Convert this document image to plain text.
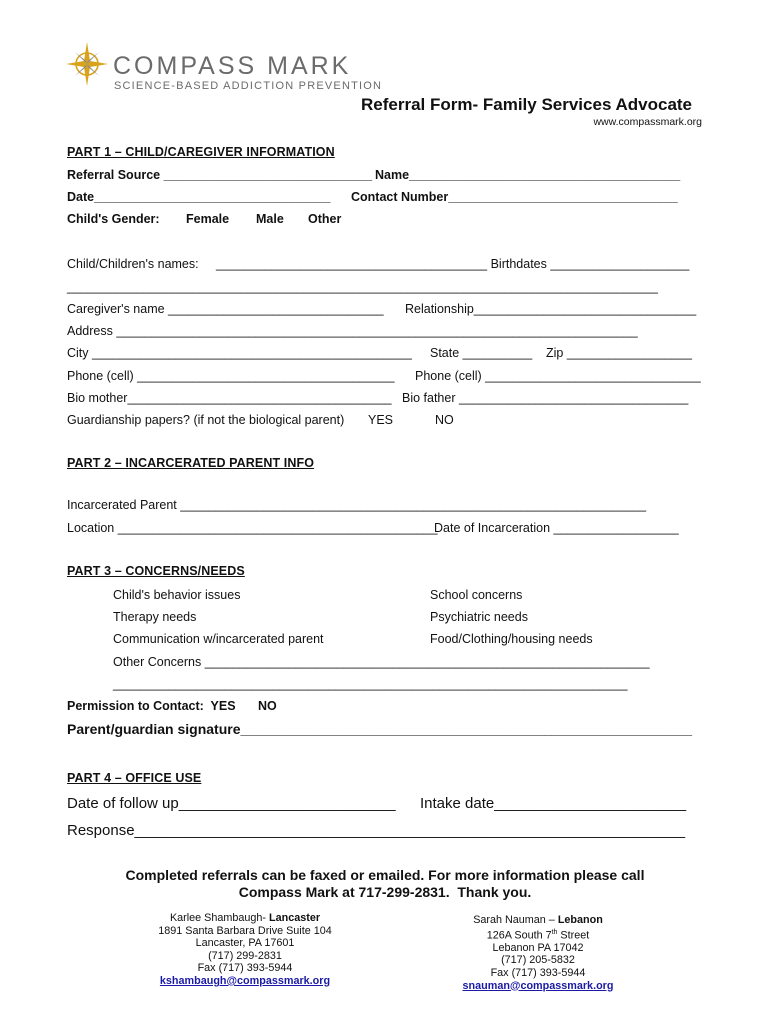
COMPASS MARK
SCIENCE-BASED ADDICTION PREVENTION
Referral Form- Family Services Advocate
www.compassmark.org
PART 1 – CHILD/CAREGIVER INFORMATION
Referral Source ______________________________ Name_______________________________________
Date__________________________________ Contact Number_________________________________
Child's Gender: Female Male Other
Child/Children's names: _______________________________________ Birthdates ____________________
_____________________________________________________________________________________
Caregiver's name _______________________________ Relationship________________________________
Address ___________________________________________________________________________
City ______________________________________________ State __________ Zip __________________
Phone (cell) _____________________________________ Phone (cell) _______________________________
Bio mother______________________________________ Bio father _________________________________
Guardianship papers? (if not the biological parent) YES	NO
PART 2 – INCARCERATED PARENT INFO
Incarcerated Parent ___________________________________________________________________
Location ______________________________________________
Date of Incarceration __________________
PART 3 – CONCERNS/NEEDS
Child's behavior issues	School concerns
Therapy needs	Psychiatric needs
Communication w/incarcerated parent	Food/Clothing/housing needs
Other Concerns ________________________________________________________________
__________________________________________________________________________
Permission to Contact:  YES NO
Parent/guardian signature__________________________________________________________
PART 4 – OFFICE USE
Date of follow up__________________________ Intake date_______________________
Response__________________________________________________________________
Completed referrals can be faxed or emailed. For more information please call
Compass Mark at 717-299-2831.  Thank you.
Karlee Shambaugh- Lancaster
1891 Santa Barbara Drive Suite 104
Lancaster, PA 17601
(717) 299-2831
Fax (717) 393-5944
kshambaugh@compassmark.org
Sarah Nauman – Lebanon
126A South 7th Street
Lebanon PA 17042
(717) 205-5832
Fax (717) 393-5944
snauman@compassmark.org
